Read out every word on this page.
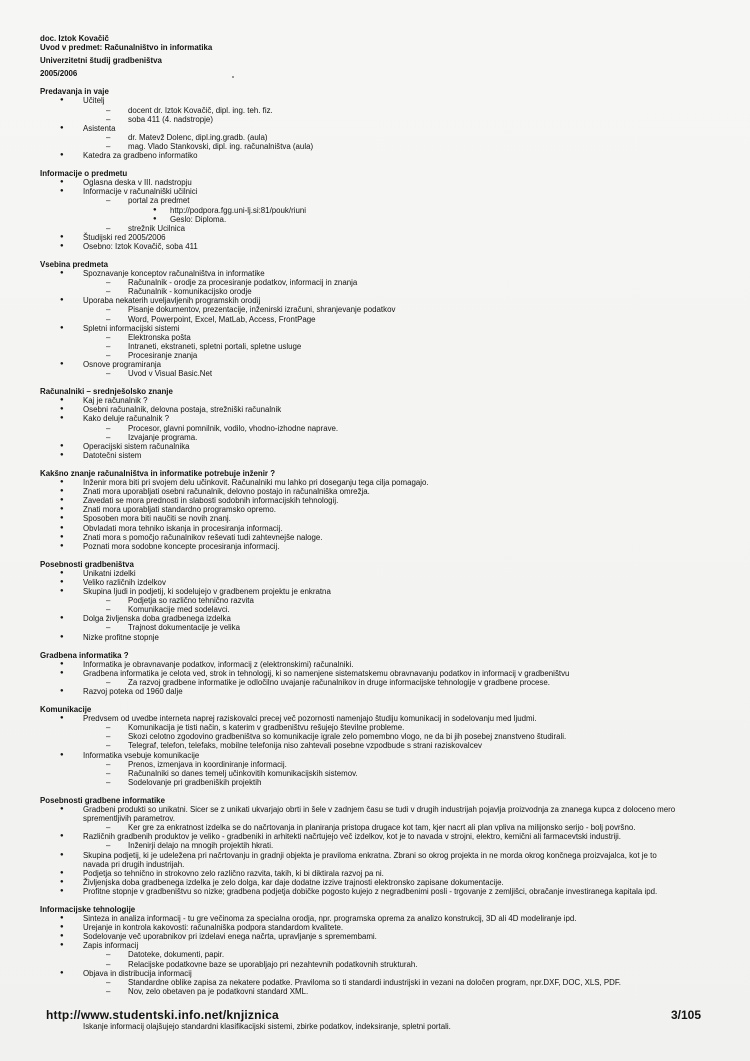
doc. Iztok Kovačič
Uvod v predmet: Računalništvo in informatika
Univerzitetni študij gradbeništva
2005/2006
Predavanja in vaje
● Učitelj
– docent dr. Iztok Kovačič, dipl. ing. teh. fiz.
– soba 411 (4. nadstropje)
● Asistenta
– dr. Matevž Dolenc, dipl.ing.gradb. (aula)
– mag. Vlado Stankovski, dipl. ing. računalništva (aula)
● Katedra za gradbeno informatiko
Informacije o predmetu
● Oglasna deska v III. nadstropju
● Informacije v računalniški učilnici
– portal za predmet
● http://podpora.fgg.uni-lj.si:81/pouk/riuni
● Geslo: Diploma.
– strežnik Ucilnica
● Študijski red 2005/2006
● Osebno: Iztok Kovačič, soba 411
Vsebina predmeta
● Spoznavanje konceptov računalništva in informatike
– Računalnik - orodje za procesiranje podatkov, informacij in znanja
– Računalnik - komunikacijsko orodje
● Uporaba nekaterih uveljavljenih programskih orodij
– Pisanje dokumentov, prezentacije, inženirski izračuni, shranjevanje podatkov
– Word, Powerpoint, Excel, MatLab, Access, FrontPage
● Spletni informacijski sistemi
– Elektronska pošta
– Intraneti, ekstraneti, spletni portali, spletne usluge
– Procesiranje znanja
● Osnove programiranja
– Uvod v Visual Basic.Net
Računalniki – srednješolsko znanje
● Kaj je računalnik ?
● Osebni računalnik, delovna postaja, strežniški računalnik
● Kako deluje računalnik ?
– Procesor, glavni pomnilnik, vodilo, vhodno-izhodne naprave.
– Izvajanje programa.
● Operacijski sistem računalnika
● Datotečni sistem
Kakšno znanje računalništva in informatike potrebuje inženir ?
● Inženir mora biti pri svojem delu učinkovit. Računalniki mu lahko pri doseganju tega cilja pomagajo.
● Znati mora uporabljati osebni računalnik, delovno postajo in računalniška omrežja.
● Zavedati se mora prednosti in slabosti sodobnih informacijskih tehnologij.
● Znati mora uporabljati standardno programsko opremo.
● Sposoben mora biti naučiti se novih znanj.
● Obvladati mora tehniko iskanja in procesiranja informacij.
● Znati mora s pomočjo računalnikov reševati tudi zahtevnejše naloge.
● Poznati mora sodobne koncepte procesiranja informacij.
Posebnosti gradbeništva
● Unikatni izdelki
● Veliko različnih izdelkov
● Skupina ljudi in podjetij, ki sodelujejo v gradbenem projektu je enkratna
– Podjetja so različno tehnično razvita
– Komunikacije med sodelavci.
● Dolga življenska doba gradbenega izdelka
– Trajnost dokumentacije je velika
● Nizke profitne stopnje
Gradbena informatika ?
● Informatika je obravnavanje podatkov, informacij z (elektronskimi) računalniki.
● Gradbena informatika je celota ved, strok in tehnologij, ki so namenjene sistematskemu obravnavanju podatkov in informacij v gradbeništvu
– Za razvoj gradbene informatike je odločilno uvajanje računalnikov in druge informacijske tehnologije v gradbene procese.
● Razvoj poteka od 1960 dalje
Komunikacije
● Predvsem od uvedbe interneta naprej raziskovalci precej več pozornosti namenjajo študiju komunikacij in sodelovanju med ljudmi.
– Komunikacija je tisti način, s katerim v gradbeništvu rešujejo številne probleme.
– Skozi celotno zgodovino gradbeništva so komunikacije igrale zelo pomembno vlogo, ne da bi jih posebej znanstveno študirali.
– Telegraf, telefon, telefaks, mobilne telefonija niso zahtevali posebne vzpodbude s strani raziskovalcev
● Informatika vsebuje komunikacije
– Prenos, izmenjava in koordiniranje informacij.
– Računalniki so danes temelj učinkovitih komunikacijskih sistemov.
– Sodelovanje pri gradbeniških projektih
Posebnosti gradbene informatike
● Gradbeni produkti so unikatni. Sicer se z unikati ukvarjajo obrti in šele v zadnjem času se tudi v drugih industrijah pojavlja proizvodnja za znanega kupca z doloceno mero sprementljivih parametrov.
– Ker gre za enkratnost izdelka se do načrtovanja in planiranja pristopa drugace kot tam, kjer nacrt ali plan vpliva na milijonsko serijo - bolj površno.
● Različnih gradbenih produktov je veliko - gradbeniki in arhitekti načrtujejo več izdelkov, kot je to navada v strojni, elektro, kemični ali farmacevtski industriji.
– Inženirji delajo na mnogih projektih hkrati.
● Skupina podjetij, ki je udeležena pri načrtovanju in gradnji objekta je praviloma enkratna. Zbrani so okrog projekta in ne morda okrog končnega proizvajalca, kot je to navada pri drugih industrijah.
● Podjetja so tehnično in strokovno zelo različno razvita, takih, ki bi diktirala razvoj pa ni.
● Življenjska doba gradbenega izdelka je zelo dolga, kar daje dodatne izzive trajnosti elektronsko zapisane dokumentacije.
● Profitne stopnje v gradbeništvu so nizke; gradbena podjetja dobičke pogosto kujejo z negradbenimi posli - trgovanje z zemljišci, obračanje investiranega kapitala ipd.
Informacijske tehnologije
● Sinteza in analiza informacij - tu gre večinoma za specialna orodja, npr. programska oprema za analizo konstrukcij, 3D ali 4D modeliranje ipd.
● Urejanje in kontrola kakovosti: računalniška podpora standardom kvalitete.
● Sodelovanje več uporabnikov pri izdelavi enega načrta, upravljanje s spremembami.
● Zapis informacij
– Datoteke, dokumenti, papir.
– Relacijske podatkovne baze se uporabljajo pri nezahtevnih podatkovnih strukturah.
● Objava in distribucija informacij
– Standardne oblike zapisa za nekatere podatke. Praviloma so ti standardi industrijski in vezani na določen program, npr.DXF, DOC, XLS, PDF.
– Nov, zelo obetaven pa je podatkovni standard XML.
http://www.studentski.info.net/knjiznica	3/105
Iskanje informacij olajšujejo standardni klasifikacijski sistemi, zbirke podatkov, indeksiranje, spletni portali.
